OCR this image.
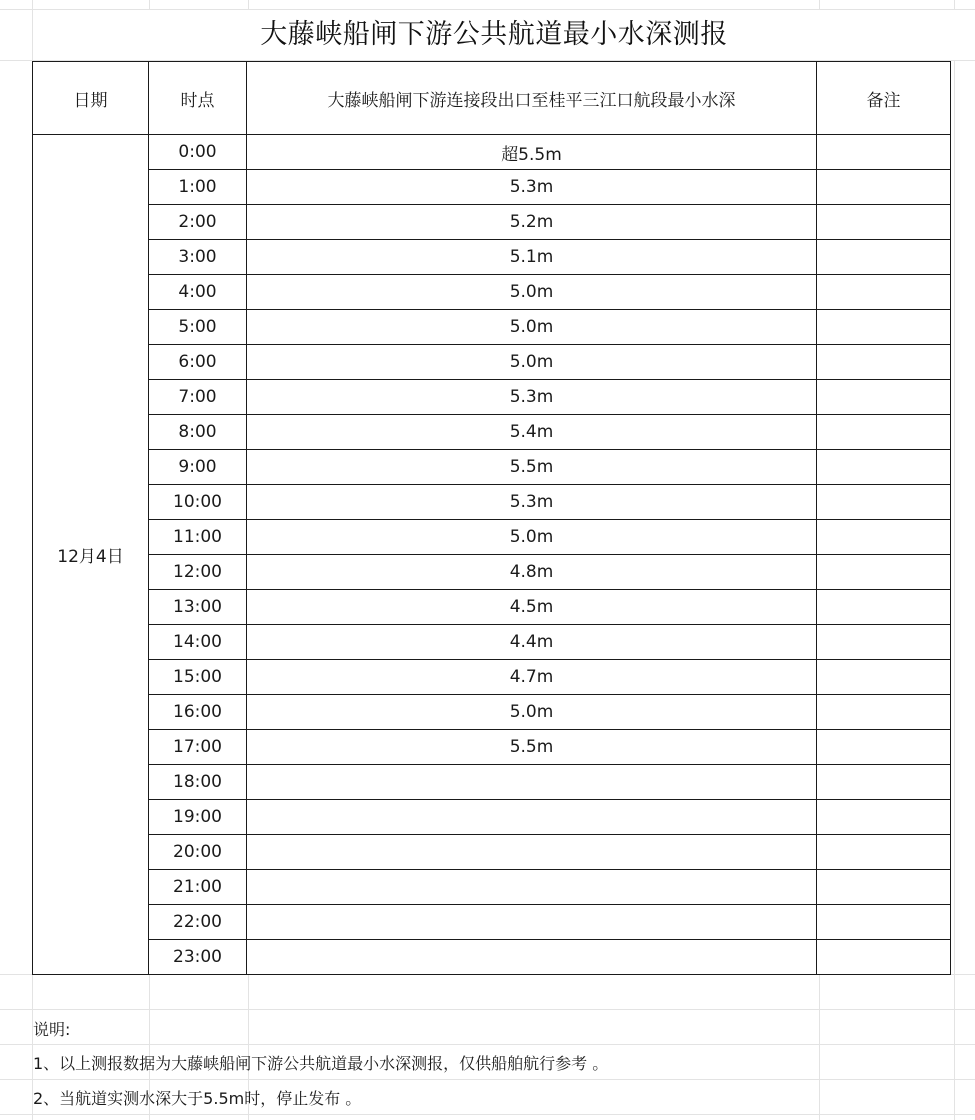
大藤峡船闸下游公共航道最小水深测报
日期	时点	大藤峡船闸下游连接段出口至桂平三江口航段最小水深	备注
12月4日	0:00	超5.5m	
	1:00	5.3m	
	2:00	5.2m	
	3:00	5.1m	
	4:00	5.0m	
	5:00	5.0m	
	6:00	5.0m	
	7:00	5.3m	
	8:00	5.4m	
	9:00	5.5m	
	10:00	5.3m	
	11:00	5.0m	
	12:00	4.8m	
	13:00	4.5m	
	14:00	4.4m	
	15:00	4.7m	
	16:00	5.0m	
	17:00	5.5m	
	18:00		
	19:00		
	20:00		
	21:00		
	22:00		
	23:00		
说明:
1、以上测报数据为大藤峡船闸下游公共航道最小水深测报，仅供船舶航行参考 。
2、当航道实测水深大于5.5m时，停止发布 。
